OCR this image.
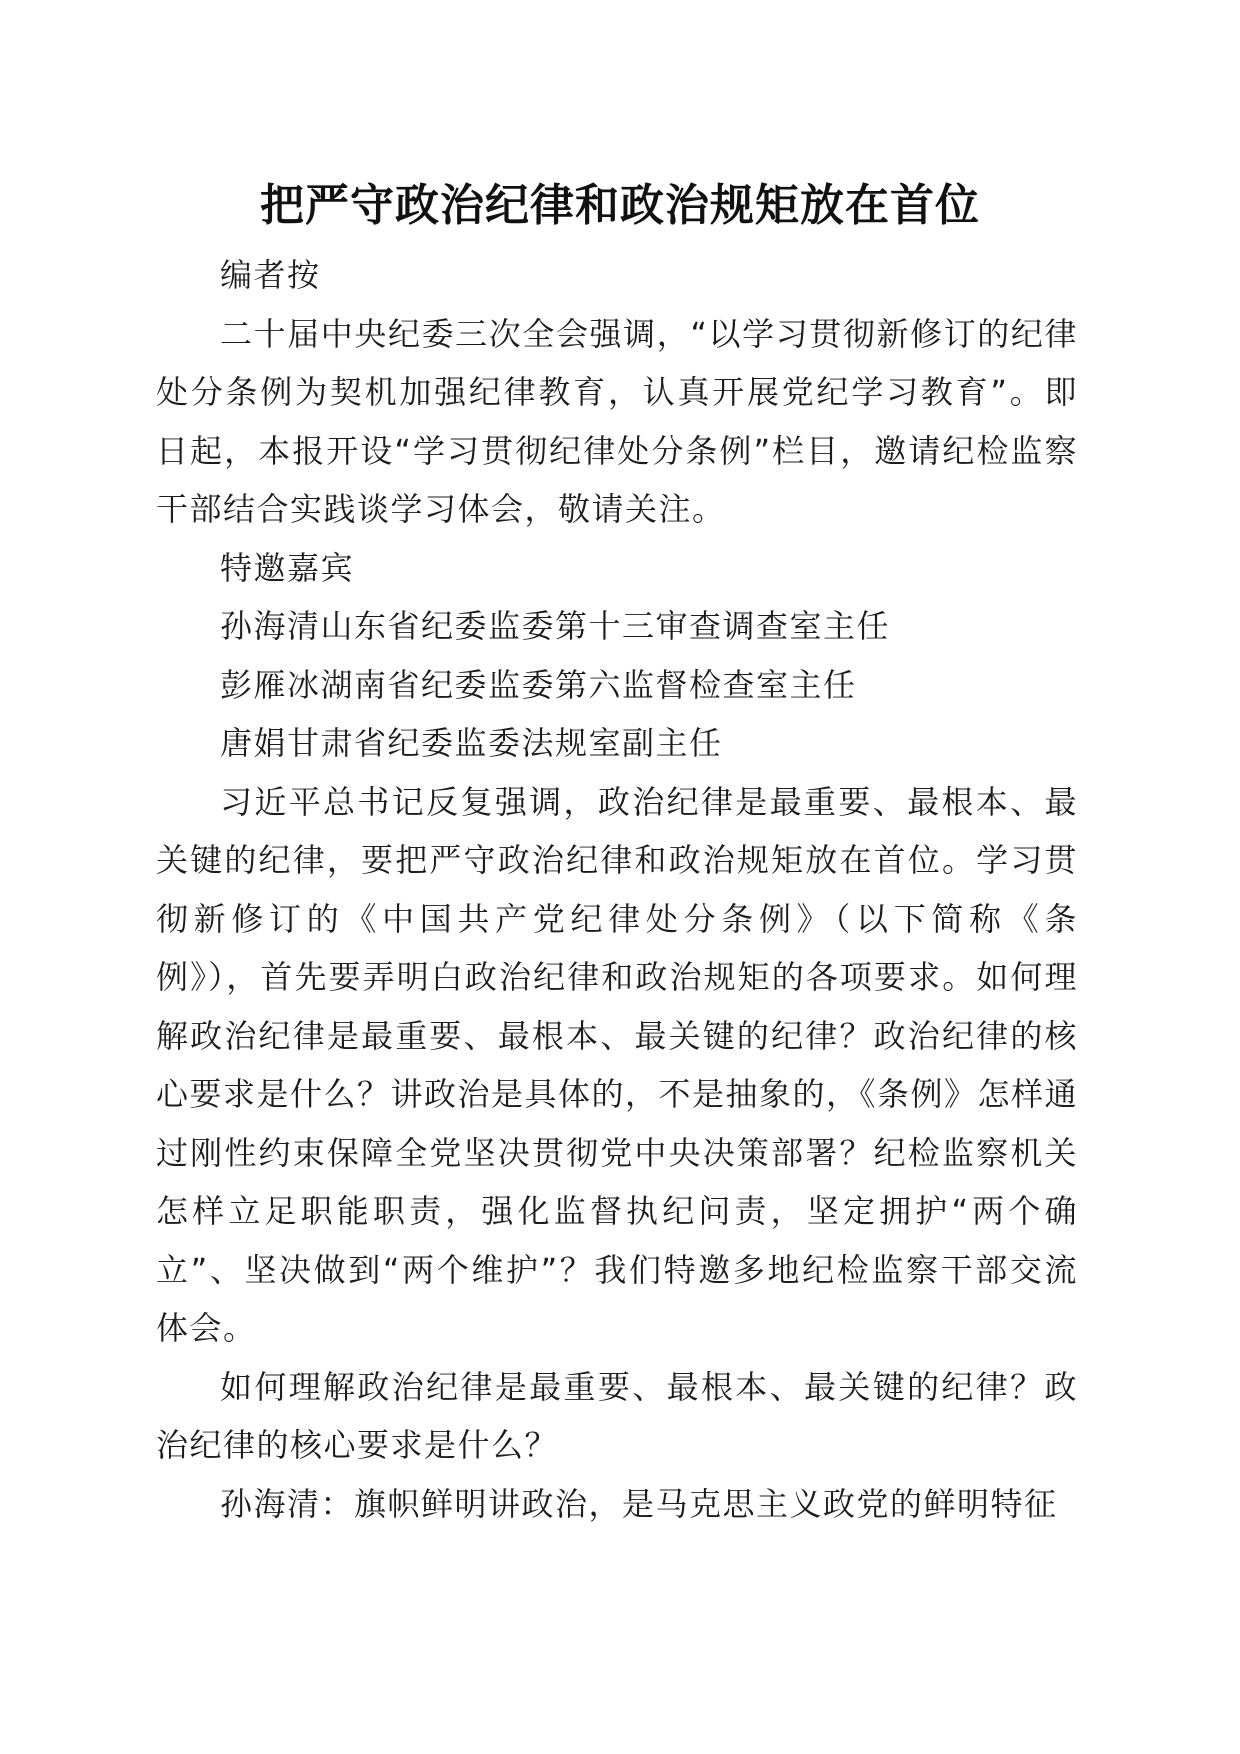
把严守政治纪律和政治规矩放在首位

编者按

二十届中央纪委三次全会强调，“以学习贯彻新修订的纪律处分条例为契机加强纪律教育，认真开展党纪学习教育”。即日起，本报开设“学习贯彻纪律处分条例”栏目，邀请纪检监察干部结合实践谈学习体会，敬请关注。

特邀嘉宾

孙海清山东省纪委监委第十三审查调查室主任

彭雁冰湖南省纪委监委第六监督检查室主任

唐娟甘肃省纪委监委法规室副主任

习近平总书记反复强调，政治纪律是最重要、最根本、最关键的纪律，要把严守政治纪律和政治规矩放在首位。学习贯彻新修订的《中国共产党纪律处分条例》（以下简称《条例》），首先要弄明白政治纪律和政治规矩的各项要求。如何理解政治纪律是最重要、最根本、最关键的纪律？政治纪律的核心要求是什么？讲政治是具体的，不是抽象的，《条例》怎样通过刚性约束保障全党坚决贯彻党中央决策部署？纪检监察机关怎样立足职能职责，强化监督执纪问责，坚定拥护“两个确立”、坚决做到“两个维护”？我们特邀多地纪检监察干部交流体会。

如何理解政治纪律是最重要、最根本、最关键的纪律？政治纪律的核心要求是什么？

孙海清：旗帜鲜明讲政治，是马克思主义政党的鲜明特征
